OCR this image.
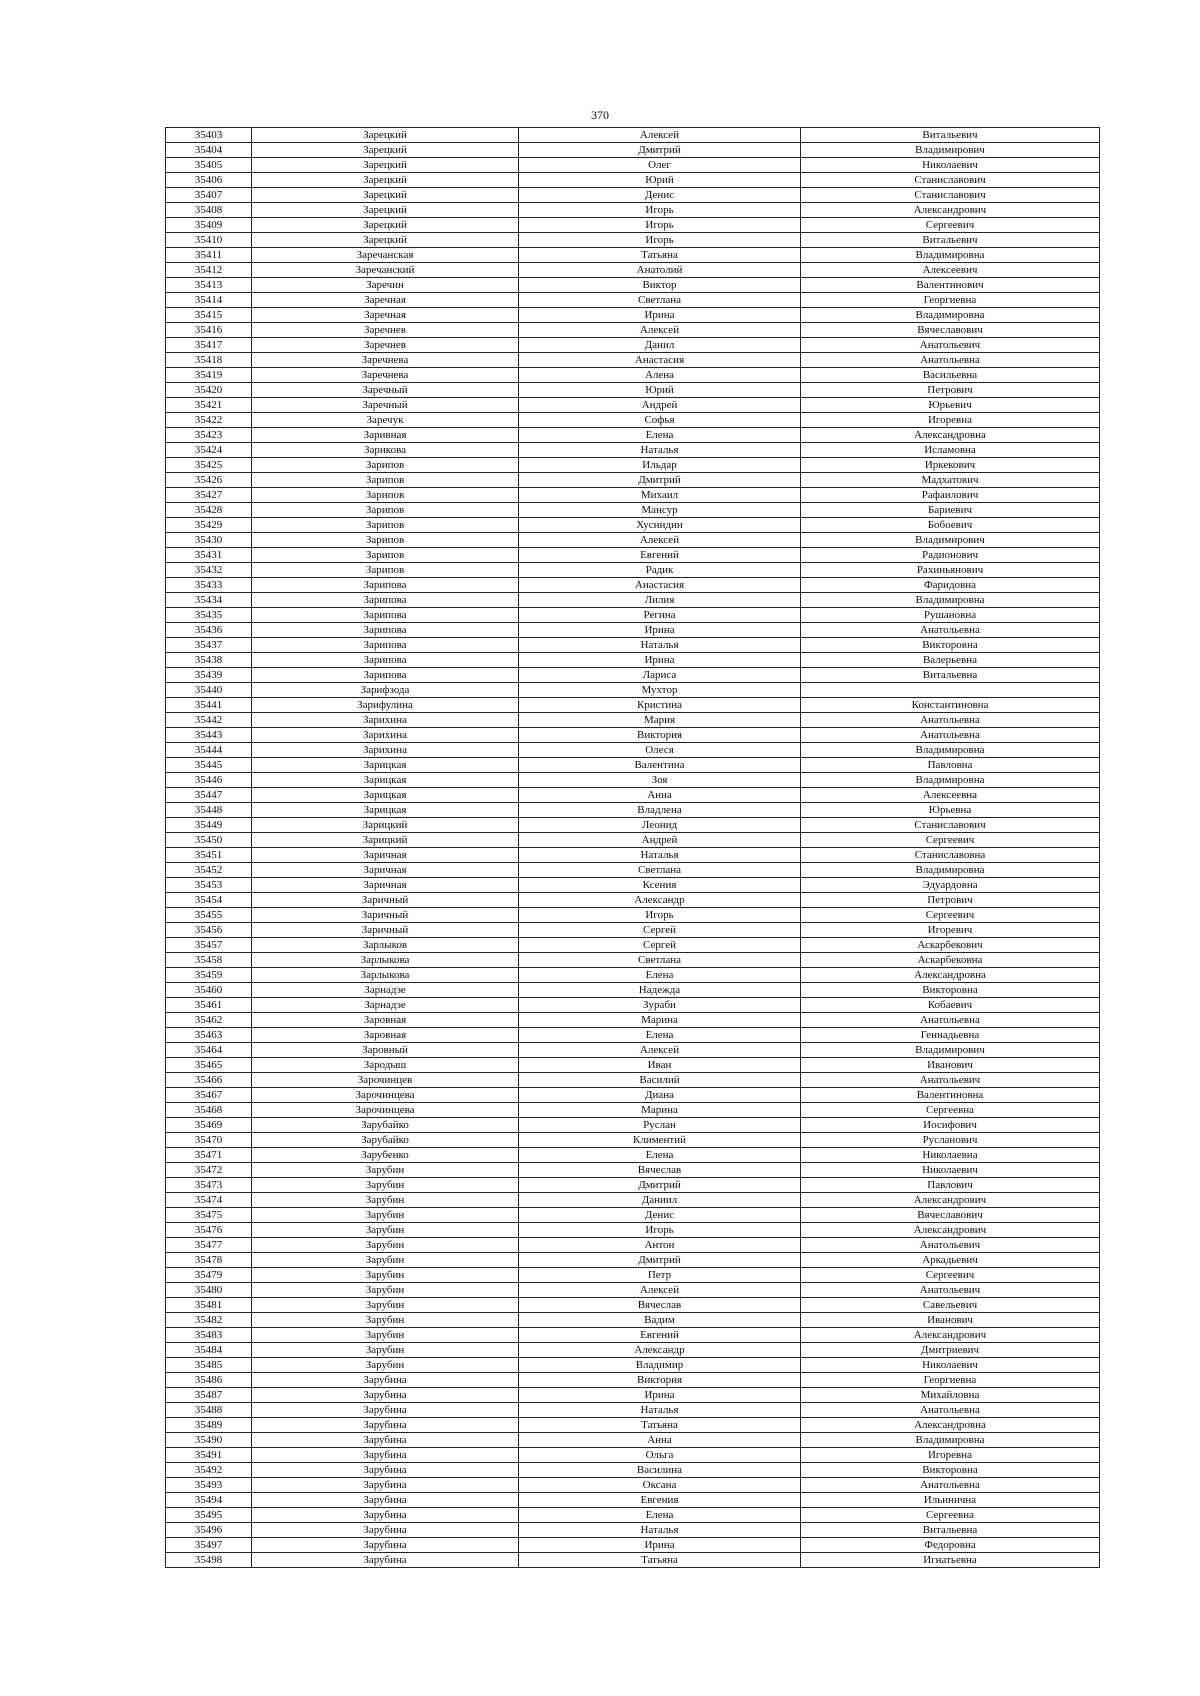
370
35403	Зарецкий	Алексей	Витальевич
35404	Зарецкий	Дмитрий	Владимирович
35405	Зарецкий	Олег	Николаевич
35406	Зарецкий	Юрий	Станиславович
35407	Зарецкий	Денис	Станиславович
35408	Зарецкий	Игорь	Александрович
35409	Зарецкий	Игорь	Сергеевич
35410	Зарецкий	Игорь	Витальевич
35411	Заречанская	Татьяна	Владимировна
35412	Заречанский	Анатолий	Алексеевич
35413	Заречин	Виктор	Валентинович
35414	Заречная	Светлана	Георгиевна
35415	Заречная	Ирина	Владимировна
35416	Заречнев	Алексей	Вячеславович
35417	Заречнев	Данил	Анатольевич
35418	Заречнева	Анастасия	Анатольевна
35419	Заречнева	Алена	Васильевна
35420	Заречный	Юрий	Петрович
35421	Заречный	Андрей	Юрьевич
35422	Заречук	Софья	Игоревна
35423	Заривная	Елена	Александровна
35424	Зарикова	Наталья	Исламовна
35425	Зарипов	Ильдар	Иркекович
35426	Зарипов	Дмитрий	Мадхатович
35427	Зарипов	Михаил	Рафаилович
35428	Зарипов	Мансур	Бариевич
35429	Зарипов	Хуснидин	Бобоевич
35430	Зарипов	Алексей	Владимирович
35431	Зарипов	Евгений	Радионович
35432	Зарипов	Радик	Рахиньянович
35433	Зарипова	Анастасия	Фаридовна
35434	Зарипова	Лилия	Владимировна
35435	Зарипова	Регина	Рушановна
35436	Зарипова	Ирина	Анатольевна
35437	Зарипова	Наталья	Викторовна
35438	Зарипова	Ирина	Валерьевна
35439	Зарипова	Лариса	Витальевна
35440	Зарифзода	Мухтор	
35441	Зарифулина	Кристина	Константиновна
35442	Зарихина	Мария	Анатольевна
35443	Зарихина	Виктория	Анатольевна
35444	Зарихина	Олеся	Владимировна
35445	Зарицкая	Валентина	Павловна
35446	Зарицкая	Зоя	Владимировна
35447	Зарицкая	Анна	Алексеевна
35448	Зарицкая	Владлена	Юрьевна
35449	Зарицкий	Леонид	Станиславович
35450	Зарицкий	Андрей	Сергеевич
35451	Заричная	Наталья	Станиславовна
35452	Заричная	Светлана	Владимировна
35453	Заричная	Ксения	Эдуардовна
35454	Заричный	Александр	Петрович
35455	Заричный	Игорь	Сергеевич
35456	Заричный	Сергей	Игоревич
35457	Зарлыков	Сергей	Аскарбекович
35458	Зарлыкова	Светлана	Аскарбековна
35459	Зарлыкова	Елена	Александровна
35460	Зарнадзе	Надежда	Викторовна
35461	Зарнадзе	Зураби	Кобаевич
35462	Заровная	Марина	Анатольевна
35463	Заровная	Елена	Геннадьевна
35464	Заровный	Алексей	Владимирович
35465	Зародыш	Иван	Иванович
35466	Зарочинцев	Василий	Анатольевич
35467	Зарочинцева	Диана	Валентиновна
35468	Зарочинцева	Марина	Сергеевна
35469	Зарубайко	Руслан	Иосифович
35470	Зарубайко	Климентий	Русланович
35471	Зарубенко	Елена	Николаевна
35472	Зарубин	Вячеслав	Николаевич
35473	Зарубин	Дмитрий	Павлович
35474	Зарубин	Даниил	Александрович
35475	Зарубин	Денис	Вячеславович
35476	Зарубин	Игорь	Александрович
35477	Зарубин	Антон	Анатольевич
35478	Зарубин	Дмитрий	Аркадьевич
35479	Зарубин	Петр	Сергеевич
35480	Зарубин	Алексей	Анатольевич
35481	Зарубин	Вячеслав	Савельевич
35482	Зарубин	Вадим	Иванович
35483	Зарубин	Евгений	Александрович
35484	Зарубин	Александр	Дмитриевич
35485	Зарубин	Владимир	Николаевич
35486	Зарубина	Виктория	Георгиевна
35487	Зарубина	Ирина	Михайловна
35488	Зарубина	Наталья	Анатольевна
35489	Зарубина	Татьяна	Александровна
35490	Зарубина	Анна	Владимировна
35491	Зарубина	Ольга	Игоревна
35492	Зарубина	Василина	Викторовна
35493	Зарубина	Оксана	Анатольевна
35494	Зарубина	Евгения	Ильинична
35495	Зарубина	Елена	Сергеевна
35496	Зарубина	Наталья	Витальевна
35497	Зарубина	Ирина	Федоровна
35498	Зарубина	Татьяна	Игнатьевна
